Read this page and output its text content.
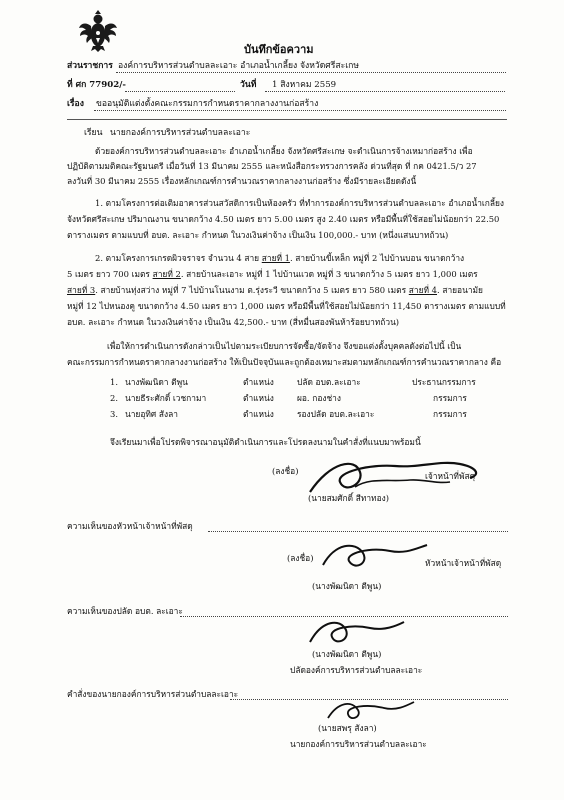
บันทึกข้อความ
ส่วนราชการ องค์การบริหารส่วนตำบลละเอาะ อำเภอน้ำเกลี้ยง จังหวัดศรีสะเกษ
ที่ ศก 77902/-	วันที่ 1 สิงหาคม 2559
เรื่อง ขออนุมัติแต่งตั้งคณะกรรมการกำหนดราคากลางงานก่อสร้าง
เรียน นายกองค์การบริหารส่วนตำบลละเอาะ
ด้วยองค์การบริหารส่วนตำบลละเอาะ อำเภอน้ำเกลี้ยง จังหวัดศรีสะเกษ จะดำเนินการจ้างเหมาก่อสร้าง เพื่อ
ปฏิบัติตามมติคณะรัฐมนตรี เมื่อวันที่ 13 มีนาคม 2555 และหนังสือกระทรวงการคลัง ด่วนที่สุด ที่ กค 0421.5/ว 27
ลงวันที่ 30 มีนาคม 2555 เรื่องหลักเกณฑ์การคำนวณราคากลางงานก่อสร้าง ซึ่งมีรายละเอียดดังนี้
1. ตามโครงการต่อเติมอาคารส่วนสวัสดิการเป็นห้องครัว ที่ทำการองค์การบริหารส่วนตำบลละเอาะ อำเภอน้ำเกลี้ยง
จังหวัดศรีสะเกษ ปริมาณงาน ขนาดกว้าง 4.50 เมตร ยาว 5.00 เมตร สูง 2.40 เมตร หรือมีพื้นที่ใช้สอยไม่น้อยกว่า 22.50
ตารางเมตร ตามแบบที่ อบต. ละเอาะ กำหนด ในวงเงินค่าจ้าง เป็นเงิน 100,000.- บาท (หนึ่งแสนบาทถ้วน)
2. ตามโครงการเกรดผิวจราจร จำนวน 4 สาย สายที่ 1. สายบ้านขี้เหล็ก หมู่ที่ 2 ไปบ้านบอน ขนาดกว้าง
5 เมตร ยาว 700 เมตร สายที่ 2. สายบ้านละเอาะ หมู่ที่ 1 ไปบ้านแวด หมู่ที่ 3 ขนาดกว้าง 5 เมตร ยาว 1,000 เมตร
สายที่ 3. สายบ้านทุ่งสว่าง หมู่ที่ 7 ไปบ้านโนนงาม ต.รุ่งระวี ขนาดกว้าง 5 เมตร ยาว 580 เมตร สายที่ 4. สายอนามัย
หมู่ที่ 12 ไปหนองคู ขนาดกว้าง 4.50 เมตร ยาว 1,000 เมตร หรือมีพื้นที่ใช้สอยไม่น้อยกว่า 11,450 ตารางเมตร ตามแบบที่
อบต. ละเอาะ กำหนด ในวงเงินค่าจ้าง เป็นเงิน 42,500.- บาท (สี่หมื่นสองพันห้าร้อยบาทถ้วน)
เพื่อให้การดำเนินการดังกล่าวเป็นไปตามระเบียบการจัดซื้อ/จัดจ้าง จึงขอแต่งตั้งบุคคลดังต่อไปนี้ เป็น
คณะกรรมการกำหนดราคากลางงานก่อสร้าง ให้เป็นปัจจุบันและถูกต้องเหมาะสมตามหลักเกณฑ์การคำนวณราคากลาง คือ
1. นางพัฒนิดา ตีพูน	ตำแหน่ง	ปลัด อบต.ละเอาะ	ประธานกรรมการ
2. นายธีระศักดิ์ เวชกามา	ตำแหน่ง	ผอ. กองช่าง	กรรมการ
3. นายอุทิศ สังลา	ตำแหน่ง	รองปลัด อบต.ละเอาะ	กรรมการ
จึงเรียนมาเพื่อโปรดพิจารณาอนุมัติดำเนินการและโปรดลงนามในคำสั่งที่แนบมาพร้อมนี้
(ลงชื่อ)	เจ้าหน้าที่พัสดุ
(นายสมศักดิ์ สีทาทอง)
ความเห็นของหัวหน้าเจ้าหน้าที่พัสดุ
(ลงชื่อ)	หัวหน้าเจ้าหน้าที่พัสดุ
(นางพัฒนิดา ตีพูน)
ความเห็นของปลัด อบต. ละเอาะ
(นางพัฒนิดา ตีพูน)
ปลัดองค์การบริหารส่วนตำบลละเอาะ
คำสั่งของนายกองค์การบริหารส่วนตำบลละเอาะ
(นายสพรุ สังลา)
นายกองค์การบริหารส่วนตำบลละเอาะ
